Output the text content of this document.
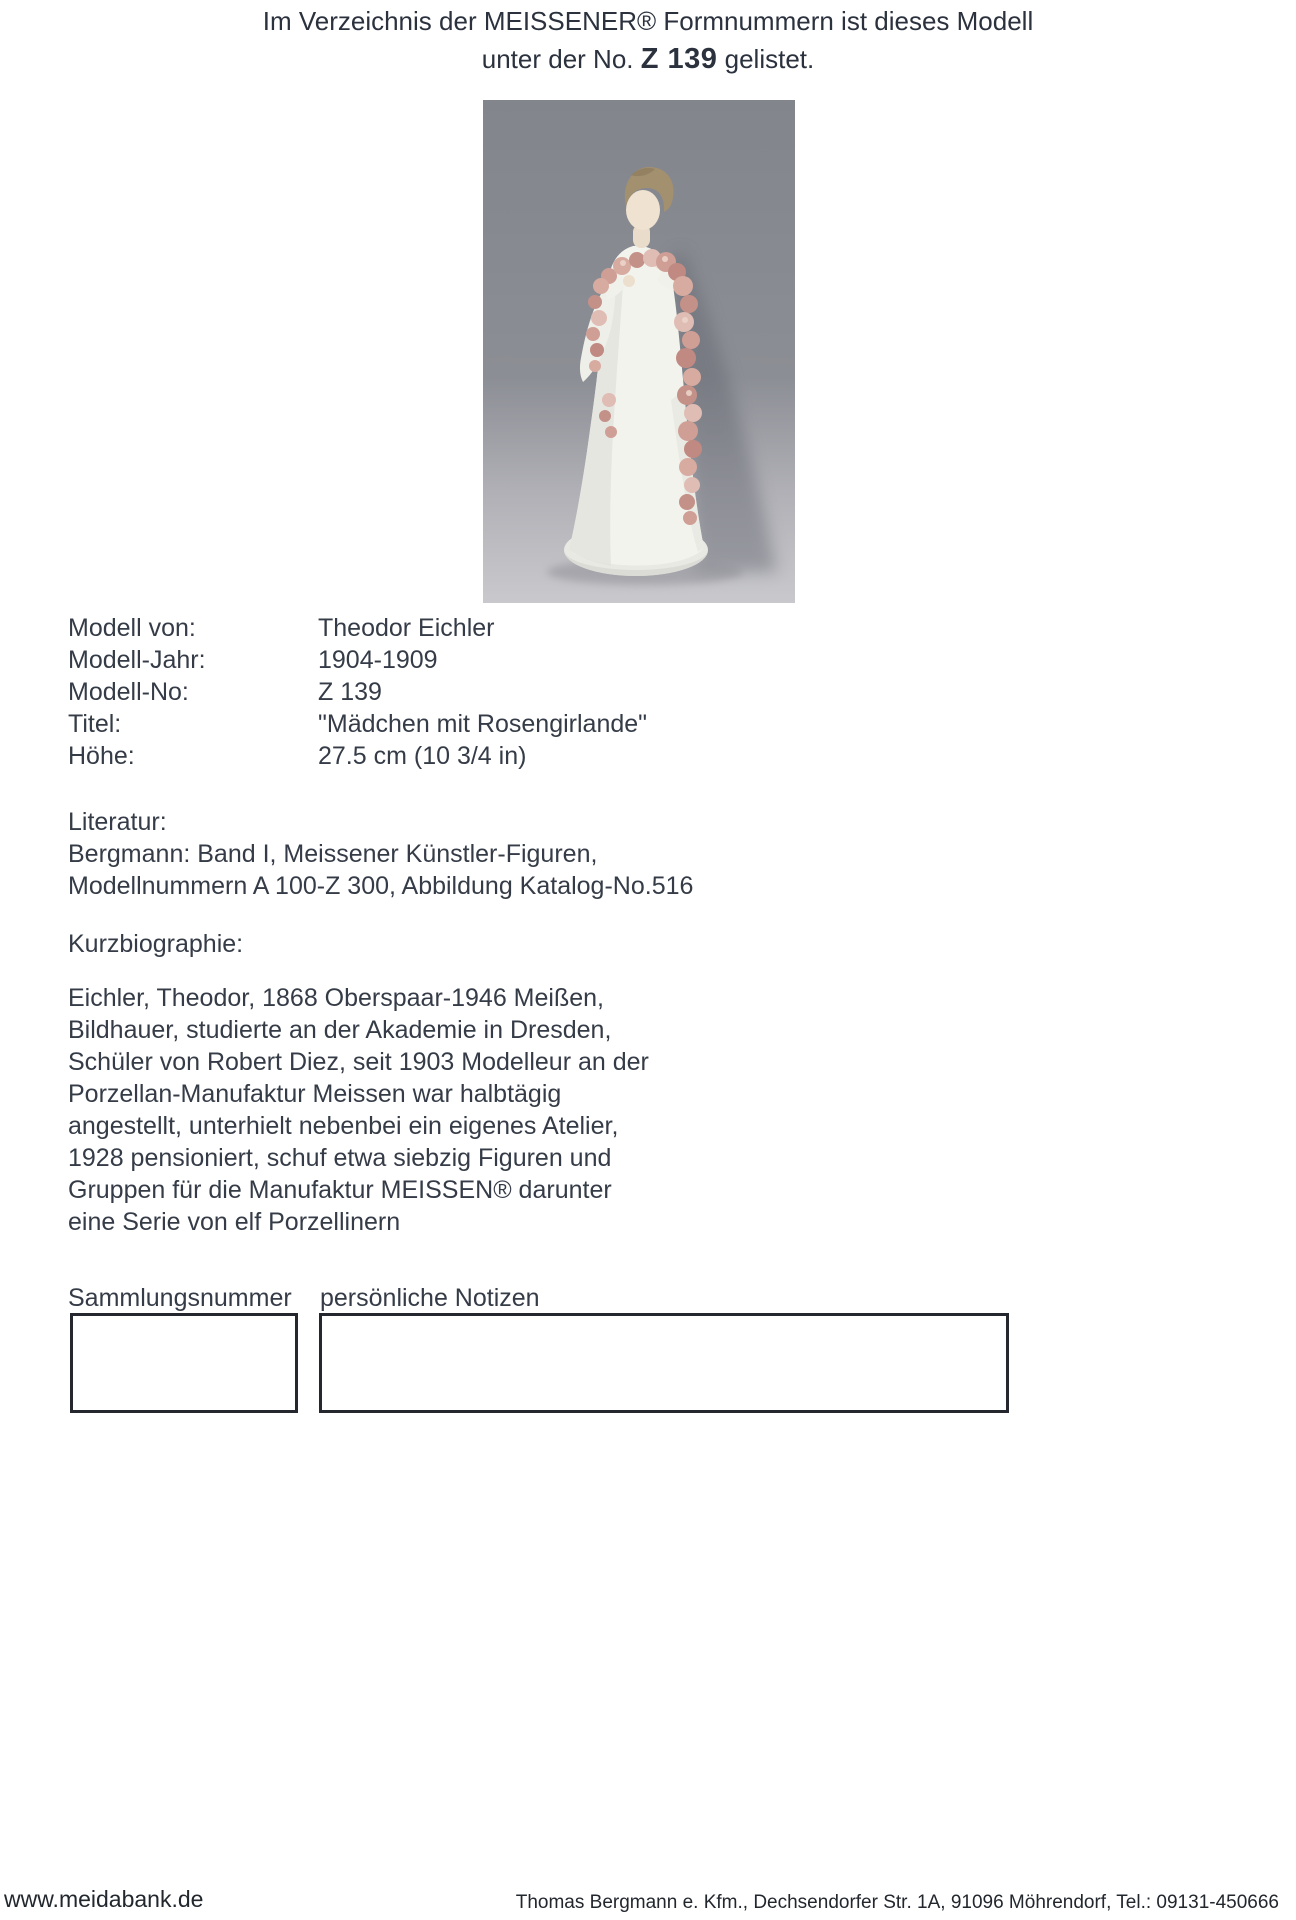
Im Verzeichnis der MEISSENER® Formnummern ist dieses Modell
unter der No. Z 139 gelistet.
Modell von:	Theodor Eichler
Modell-Jahr:	1904-1909
Modell-No:	Z 139
Titel:	"Mädchen mit Rosengirlande"
Höhe:	27.5 cm (10 3/4 in)
Literatur:
Bergmann: Band I, Meissener Künstler-Figuren,
Modellnummern A 100-Z 300, Abbildung Katalog-No.516
Kurzbiographie:
Eichler, Theodor, 1868 Oberspaar-1946 Meißen,
Bildhauer, studierte an der Akademie in Dresden,
Schüler von Robert Diez, seit 1903 Modelleur an der
Porzellan-Manufaktur Meissen war halbtägig
angestellt, unterhielt nebenbei ein eigenes Atelier,
1928 pensioniert, schuf etwa siebzig Figuren und
Gruppen für die Manufaktur MEISSEN® darunter
eine Serie von elf Porzellinern
Sammlungsnummer persönliche Notizen
www.meidabank.de	Thomas Bergmann e. Kfm., Dechsendorfer Str. 1A, 91096 Möhrendorf, Tel.: 09131-450666
